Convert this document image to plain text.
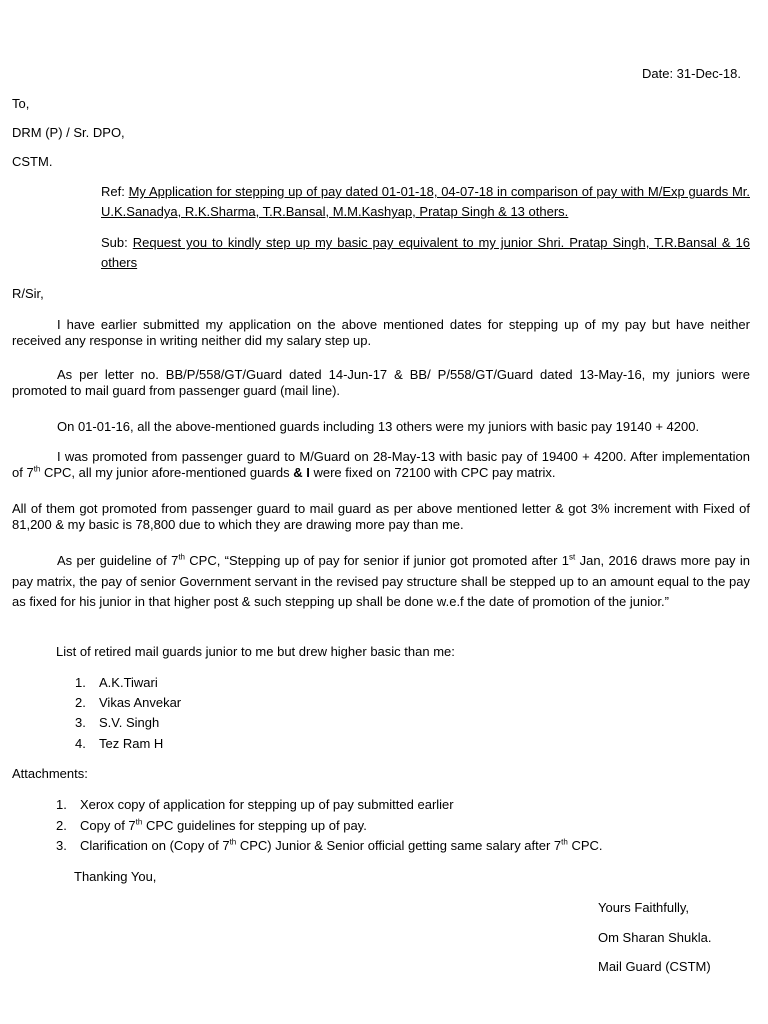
Date: 31-Dec-18.

To,

DRM (P) / Sr. DPO,

CSTM.

Ref: My Application for stepping up of pay dated 01-01-18, 04-07-18 in comparison of pay with M/Exp guards Mr. U.K.Sanadya, R.K.Sharma, T.R.Bansal, M.M.Kashyap, Pratap Singh & 13 others.

Sub: Request you to kindly step up my basic pay equivalent to my junior Shri. Pratap Singh, T.R.Bansal & 16 others

R/Sir,

I have earlier submitted my application on the above mentioned dates for stepping up of my pay but have neither received any response in writing neither did my salary step up.

As per letter no. BB/P/558/GT/Guard dated 14-Jun-17 & BB/ P/558/GT/Guard dated 13-May-16, my juniors were promoted to mail guard from passenger guard (mail line).

On 01-01-16, all the above-mentioned guards including 13 others were my juniors with basic pay 19140 + 4200.

I was promoted from passenger guard to M/Guard on 28-May-13 with basic pay of 19400 + 4200. After implementation of 7th CPC, all my junior afore-mentioned guards & I were fixed on 72100 with CPC pay matrix.

All of them got promoted from passenger guard to mail guard as per above mentioned letter & got 3% increment with Fixed of 81,200 & my basic is 78,800 due to which they are drawing more pay than me.

As per guideline of 7th CPC, “Stepping up of pay for senior if junior got promoted after 1st Jan, 2016 draws more pay in pay matrix, the pay of senior Government servant in the revised pay structure shall be stepped up to an amount equal to the pay as fixed for his junior in that higher post & such stepping up shall be done w.e.f the date of promotion of the junior.”

List of retired mail guards junior to me but drew higher basic than me:

1. A.K.Tiwari

2. Vikas Anvekar

3. S.V. Singh

4. Tez Ram H

Attachments:

1. Xerox copy of application for stepping up of pay submitted earlier

2. Copy of 7th CPC guidelines for stepping up of pay.

3. Clarification on (Copy of 7th CPC) Junior & Senior official getting same salary after 7th CPC.

Thanking You,

Yours Faithfully,

Om Sharan Shukla.

Mail Guard (CSTM)
